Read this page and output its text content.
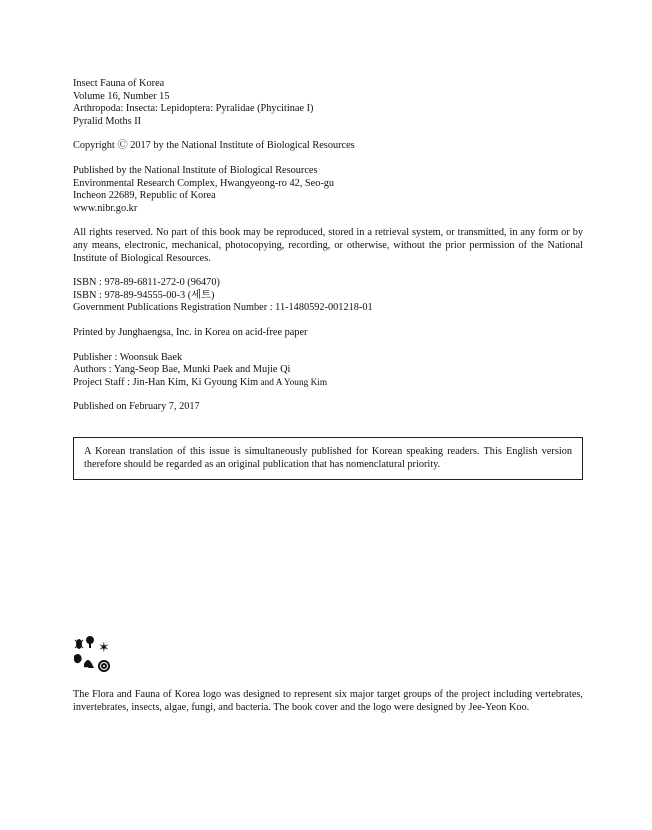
Insect Fauna of Korea
Volume 16, Number 15
Arthropoda: Insecta: Lepidoptera: Pyralidae (Phycitinae I)
Pyralid Moths II
Copyright Ⓒ 2017 by the National Institute of Biological Resources
Published by the National Institute of Biological Resources
Environmental Research Complex, Hwangyeong-ro 42, Seo-gu
Incheon 22689, Republic of Korea
www.nibr.go.kr
All rights reserved. No part of this book may be reproduced, stored in a retrieval system, or transmitted, in any form or by any means, electronic, mechanical, photocopying, recording, or otherwise, without the prior permission of the National Institute of Biological Resources.
ISBN : 978-89-6811-272-0 (96470)
ISBN : 978-89-94555-00-3 (세트)
Government Publications Registration Number : 11-1480592-001218-01
Printed by Junghaengsa, Inc. in Korea on acid-free paper
Publisher : Woonsuk Baek
Authors : Yang-Seop Bae, Munki Paek and Mujie Qi
Project Staff : Jin-Han Kim, Ki Gyoung Kim and A Young Kim
Published on February 7, 2017
A Korean translation of this issue is simultaneously published for Korean speaking readers. This English version therefore should be regarded as an original publication that has nomenclatural priority.
✶
The Flora and Fauna of Korea logo was designed to represent six major target groups of the project including vertebrates, invertebrates, insects, algae, fungi, and bacteria. The book cover and the logo were designed by Jee-Yeon Koo.
